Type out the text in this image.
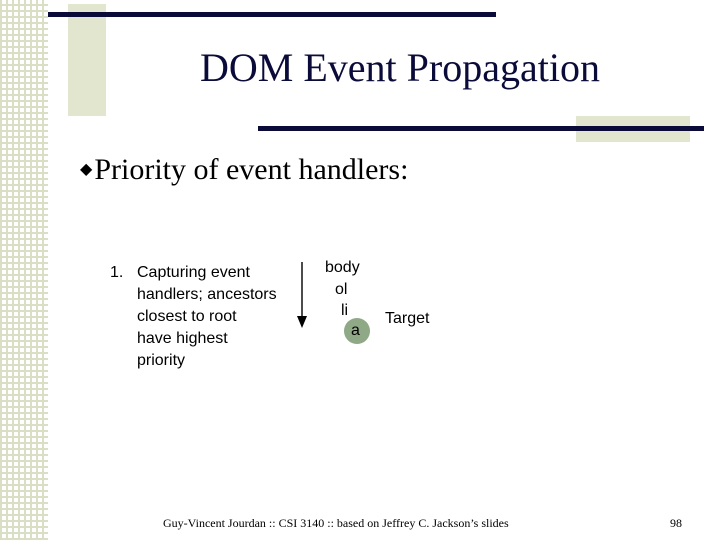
DOM Event Propagation
◆Priority of event handlers:
1. Capturing event
handlers; ancestors
closest to root
have highest
priority
body
ol
li
a
Target
Guy-Vincent Jourdan :: CSI 3140 :: based on Jeffrey C. Jackson’s slides	98
